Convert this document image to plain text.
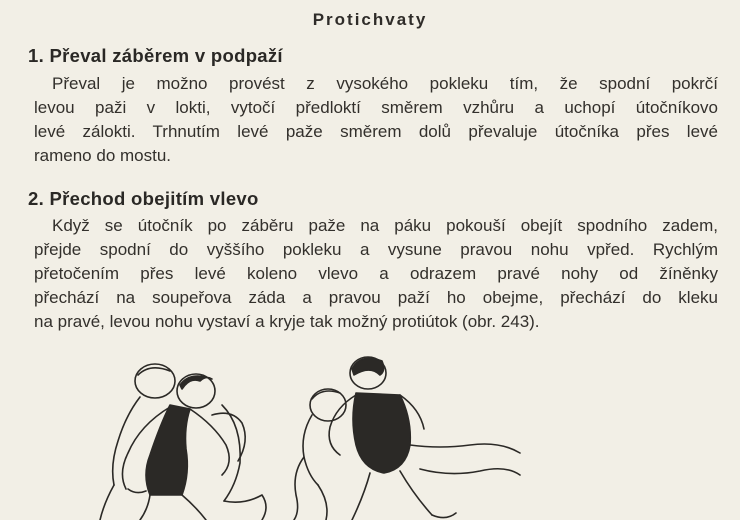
Protichvaty
1. Převal záběrem v podpaží
Převal je možno provést z vysokého pokleku tím, že spodní pokrčí
levou paži v lokti, vytočí předloktí směrem vzhůru a uchopí útočníkovo
levé zálokti. Trhnutím levé paže směrem dolů převaluje útočníka přes levé
rameno do mostu.
2. Přechod obejitím vlevo
Když se útočník po záběru paže na páku pokouší obejít spodního zadem,
přejde spodní do vyššího pokleku a vysune pravou nohu vpřed. Rychlým
přetočením přes levé koleno vlevo a odrazem pravé nohy od žíněnky
přechází na soupeřova záda a pravou paží ho obejme, přechází do kleku
na pravé, levou nohu vystaví a kryje tak možný protiútok (obr. 243).
